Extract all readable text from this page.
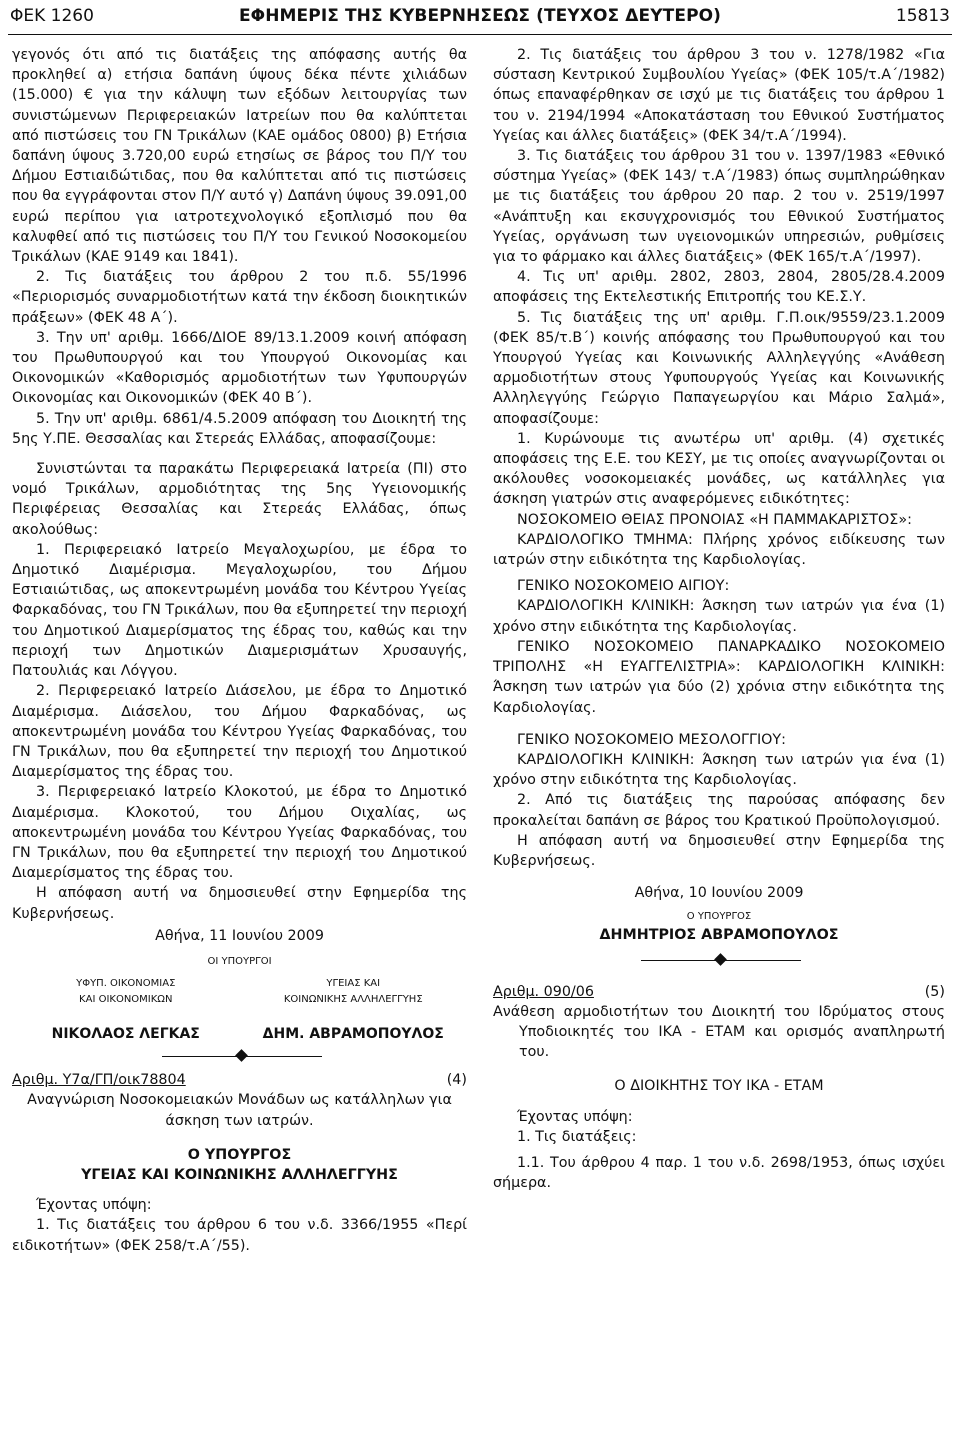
ΦΕΚ 1260	ΕΦΗΜΕΡΙΣ ΤΗΣ ΚΥΒΕΡΝΗΣΕΩΣ (ΤΕΥΧΟΣ ΔΕΥΤΕΡΟ)	15813

γεγονός ότι από τις διατάξεις της απόφασης αυτής θα προκληθεί α) ετήσια δαπάνη ύψους δέκα πέντε χιλιάδων (15.000) € για την κάλυψη των εξόδων λειτουργίας των συνιστώμενων Περιφερειακών Ιατρείων που θα καλύπτεται από πιστώσεις του ΓΝ Τρικάλων (ΚΑΕ ομάδος 0800) β) Ετήσια δαπάνη ύψους 3.720,00 ευρώ ετησίως σε βάρος του Π/Υ του Δήμου Εστιαιδώτιδας, που θα καλύπτεται από τις πιστώσεις που θα εγγράφονται στον Π/Υ αυτό γ) Δαπάνη ύψους 39.091,00 ευρώ περίπου για ιατροτεχνολογικό εξοπλισμό που θα καλυφθεί από τις πιστώσεις του Π/Υ του Γενικού Νοσοκομείου Τρικάλων (ΚΑΕ 9149 και 1841).

2. Τις διατάξεις του άρθρου 2 του π.δ. 55/1996 «Περιορισμός συναρμοδιοτήτων κατά την έκδοση διοικητικών πράξεων» (ΦΕΚ 48 Α΄).

3. Την υπ' αριθμ. 1666/ΔΙΟΕ 89/13.1.2009 κοινή απόφαση του Πρωθυπουργού και του Υπουργού Οικονομίας και Οικονομικών «Καθορισμός αρμοδιοτήτων των Υφυπουργών Οικονομίας και Οικονομικών (ΦΕΚ 40 Β΄).

5. Την υπ' αριθμ. 6861/4.5.2009 απόφαση του Διοικητή της 5ης Υ.ΠΕ. Θεσσαλίας και Στερεάς Ελλάδας, αποφασίζουμε:

Συνιστώνται τα παρακάτω Περιφερειακά Ιατρεία (ΠΙ) στο νομό Τρικάλων, αρμοδιότητας της 5ης Υγειονομικής Περιφέρειας Θεσσαλίας και Στερεάς Ελλάδας, όπως ακολούθως:

1. Περιφερειακό Ιατρείο Μεγαλοχωρίου, με έδρα το Δημοτικό Διαμέρισμα. Μεγαλοχωρίου, του Δήμου Εστιαιώτιδας, ως αποκεντρωμένη μονάδα του Κέντρου Υγείας Φαρκαδόνας, του ΓΝ Τρικάλων, που θα εξυπηρετεί την περιοχή του Δημοτικού Διαμερίσματος της έδρας του, καθώς και την περιοχή των Δημοτικών Διαμερισμάτων Χρυσαυγής, Πατουλιάς και Λόγγου.

2. Περιφερειακό Ιατρείο Διάσελου, με έδρα το Δημοτικό Διαμέρισμα. Διάσελου, του Δήμου Φαρκαδόνας, ως αποκεντρωμένη μονάδα του Κέντρου Υγείας Φαρκαδόνας, του ΓΝ Τρικάλων, που θα εξυπηρετεί την περιοχή του Δημοτικού Διαμερίσματος της έδρας του.

3. Περιφερειακό Ιατρείο Κλοκοτού, με έδρα το Δημοτικό Διαμέρισμα. Κλοκοτού, του Δήμου Οιχαλίας, ως αποκεντρωμένη μονάδα του Κέντρου Υγείας Φαρκαδόνας, του ΓΝ Τρικάλων, που θα εξυπηρετεί την περιοχή του Δημοτικού Διαμερίσματος της έδρας του.

Η απόφαση αυτή να δημοσιευθεί στην Εφημερίδα της Κυβερνήσεως.

Αθήνα, 11 Ιουνίου 2009

ΟΙ ΥΠΟΥΡΓΟΙ

ΥΦΥΠ. ΟΙΚΟΝΟΜΙΑΣ
ΚΑΙ ΟΙΚΟΝΟΜΙΚΩΝ
ΥΓΕΙΑΣ ΚΑΙ
ΚΟΙΝΩΝΙΚΗΣ ΑΛΛΗΛΕΓΓΥΗΣ
ΝΙΚΟΛΑΟΣ ΛΕΓΚΑΣ	ΔΗΜ. ΑΒΡΑΜΟΠΟΥΛΟΣ
Αριθμ. Υ7α/ΓΠ/οικ78804	(4)

Αναγνώριση Νοσοκομειακών Μονάδων ως κατάλληλων για άσκηση των ιατρών.

Ο ΥΠΟΥΡΓΟΣ

ΥΓΕΙΑΣ ΚΑΙ ΚΟΙΝΩΝΙΚΗΣ ΑΛΛΗΛΕΓΓΥΗΣ

Έχοντας υπόψη:

1. Τις διατάξεις του άρθρου 6 του ν.δ. 3366/1955 «Περί ειδικοτήτων» (ΦΕΚ 258/τ.Α΄/55).

2. Τις διατάξεις του άρθρου 3 του ν. 1278/1982 «Για σύσταση Κεντρικού Συμβουλίου Υγείας» (ΦΕΚ 105/τ.Α΄/1982) όπως επαναφέρθηκαν σε ισχύ με τις διατάξεις του άρθρου 1 του ν. 2194/1994 «Αποκατάσταση του Εθνικού Συστήματος Υγείας και άλλες διατάξεις» (ΦΕΚ 34/τ.Α΄/1994).

3. Τις διατάξεις του άρθρου 31 του ν. 1397/1983 «Εθνικό σύστημα Υγείας» (ΦΕΚ 143/ τ.Α΄/1983) όπως συμπληρώθηκαν με τις διατάξεις του άρθρου 20 παρ. 2 του ν. 2519/1997 «Ανάπτυξη και εκσυγχρονισμός του Εθνικού Συστήματος Υγείας, οργάνωση των υγειονομικών υπηρεσιών, ρυθμίσεις για το φάρμακο και άλλες διατάξεις» (ΦΕΚ 165/τ.Α΄/1997).

4. Τις υπ' αριθμ. 2802, 2803, 2804, 2805/28.4.2009 αποφάσεις της Εκτελεστικής Επιτροπής του ΚΕ.Σ.Υ.

5. Τις διατάξεις της υπ' αριθμ. Γ.Π.οικ/9559/23.1.2009 (ΦΕΚ 85/τ.Β΄) κοινής απόφασης του Πρωθυπουργού και του Υπουργού Υγείας και Κοινωνικής Αλληλεγγύης «Ανάθεση αρμοδιοτήτων στους Υφυπουργούς Υγείας και Κοινωνικής Αλληλεγγύης Γεώργιο Παπαγεωργίου και Μάριο Σαλμά», αποφασίζουμε:

1. Κυρώνουμε τις ανωτέρω υπ' αριθμ. (4) σχετικές αποφάσεις της Ε.Ε. του ΚΕΣΥ, με τις οποίες αναγνωρίζονται οι ακόλουθες νοσοκομειακές μονάδες, ως κατάλληλες για άσκηση γιατρών στις αναφερόμενες ειδικότητες:

ΝΟΣΟΚΟΜΕΙΟ ΘΕΙΑΣ ΠΡΟΝΟΙΑΣ «Η ΠΑΜΜΑΚΑΡΙΣΤΟΣ»:

ΚΑΡΔΙΟΛΟΓΙΚΟ ΤΜΗΜΑ: Πλήρης χρόνος ειδίκευσης των ιατρών στην ειδικότητα της Καρδιολογίας.

ΓΕΝΙΚΟ ΝΟΣΟΚΟΜΕΙΟ ΑΙΓΙΟΥ:

ΚΑΡΔΙΟΛΟΓΙΚΗ ΚΛΙΝΙΚΗ: Άσκηση των ιατρών για ένα (1) χρόνο στην ειδικότητα της Καρδιολογίας.

ΓΕΝΙΚΟ ΝΟΣΟΚΟΜΕΙΟ ΠΑΝΑΡΚΑΔΙΚΟ ΝΟΣΟΚΟΜΕΙΟ ΤΡΙΠΟΛΗΣ «Η ΕΥΑΓΓΕΛΙΣΤΡΙΑ»: ΚΑΡΔΙΟΛΟΓΙΚΗ ΚΛΙΝΙΚΗ: Άσκηση των ιατρών για δύο (2) χρόνια στην ειδικότητα της Καρδιολογίας.

ΓΕΝΙΚΟ ΝΟΣΟΚΟΜΕΙΟ ΜΕΣΟΛΟΓΓΙΟΥ:

ΚΑΡΔΙΟΛΟΓΙΚΗ ΚΛΙΝΙΚΗ: Άσκηση των ιατρών για ένα (1) χρόνο στην ειδικότητα της Καρδιολογίας.

2. Από τις διατάξεις της παρούσας απόφασης δεν προκαλείται δαπάνη σε βάρος του Κρατικού Προϋπολογισμού.

Η απόφαση αυτή να δημοσιευθεί στην Εφημερίδα της Κυβερνήσεως.

Αθήνα, 10 Ιουνίου 2009

Ο ΥΠΟΥΡΓΟΣ

ΔΗΜΗΤΡΙΟΣ ΑΒΡΑΜΟΠΟΥΛΟΣ

Αριθμ. 090/06	(5)

Ανάθεση αρμοδιοτήτων του Διοικητή του Ιδρύματος στους Υποδιοικητές του ΙΚΑ - ΕΤΑΜ και ορισμός αναπληρωτή του.

Ο ΔΙΟΙΚΗΤΗΣ ΤΟΥ ΙΚΑ - ΕΤΑΜ

Έχοντας υπόψη:

1. Τις διατάξεις:

1.1. Του άρθρου 4 παρ. 1 του ν.δ. 2698/1953, όπως ισχύει σήμερα.
